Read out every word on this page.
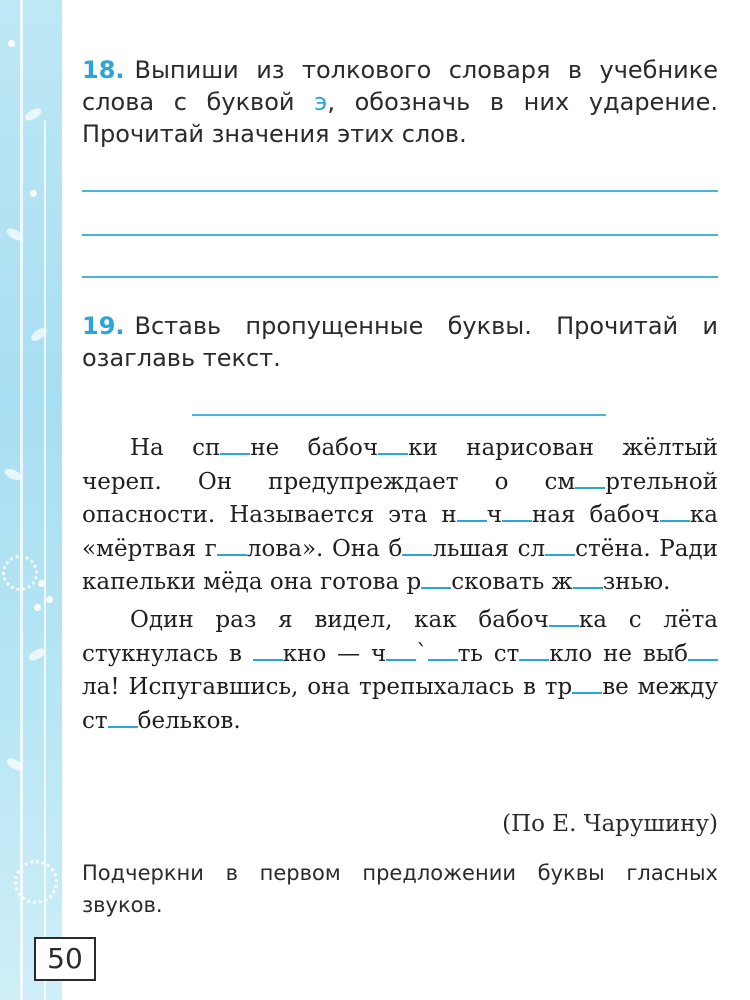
18. Выпиши из толкового словаря в учебнике слова с буквой э, обозначь в них ударение. Прочитай значения этих слов.
19. Вставь пропущенные буквы. Прочитай и озаглавь текст.

На сп не бабоч ки нарисован жёлтый череп. Он предупреждает о см ртельной опасности. Называется эта н ч ная бабоч ка «мёртвая г лова». Она б льшая сл стёна. Ради капельки мёда она готова р сковать ж знью.

Один раз я видел, как бабоч ка с лёта стукнулась в кно — ч ` ть ст кло не выбла! Испугавшись, она трепыхалась в тр ве между ст бельков.

(По Е. Чарушину)
Подчеркни в первом предложении буквы гласных звуков.
50
